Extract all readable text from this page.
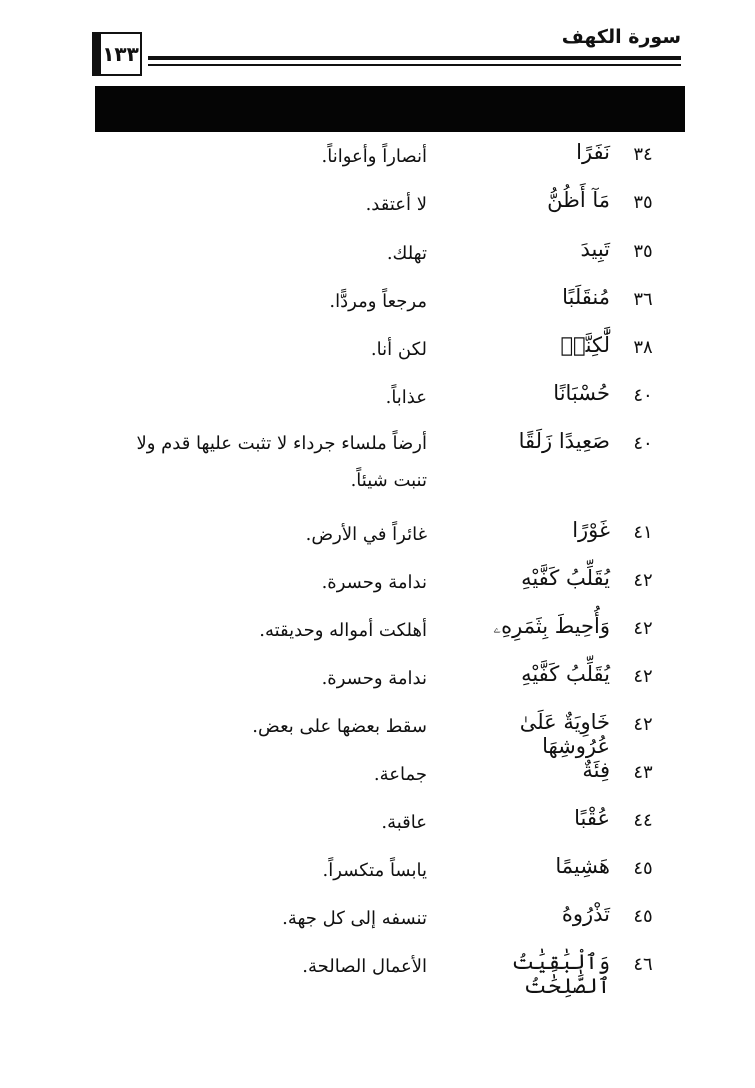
سورة الكهف
١٣٣
٣٤
نَفَرًا
أنصاراً وأعواناً.
٣٥
مَآ أَظُنُّ
لا أعتقد.
٣٥
تَبِيدَ
تهلك.
٣٦
مُنقَلَبًا
مرجعاً ومردًّا.
٣٨
لَّٰكِنَّا۠
لكن أنا.
٤٠
حُسْبَانًا
عذاباً.
٤٠
صَعِيدًا زَلَقًا
أرضاً ملساء جرداء لا تثبت عليها قدم ولا تنبت شيئاً.
٤١
غَوْرًا
غائراً في الأرض.
٤٢
يُقَلِّبُ كَفَّيْهِ
ندامة وحسرة.
٤٢
وَأُحِيطَ بِثَمَرِهِۦ
أهلكت أمواله وحديقته.
٤٢
يُقَلِّبُ كَفَّيْهِ
ندامة وحسرة.
٤٢
خَاوِيَةٌ عَلَىٰ عُرُوشِهَا
سقط بعضها على بعض.
٤٣
فِئَةٌ
جماعة.
٤٤
عُقْبًا
عاقبة.
٤٥
هَشِيمًا
يابساً متكسراً.
٤٥
تَذْرُوهُ
تنسفه إلى كل جهة.
٤٦
وَٱلْبَٰقِيَٰتُ ٱلصَّٰلِحَٰتُ
الأعمال الصالحة.
